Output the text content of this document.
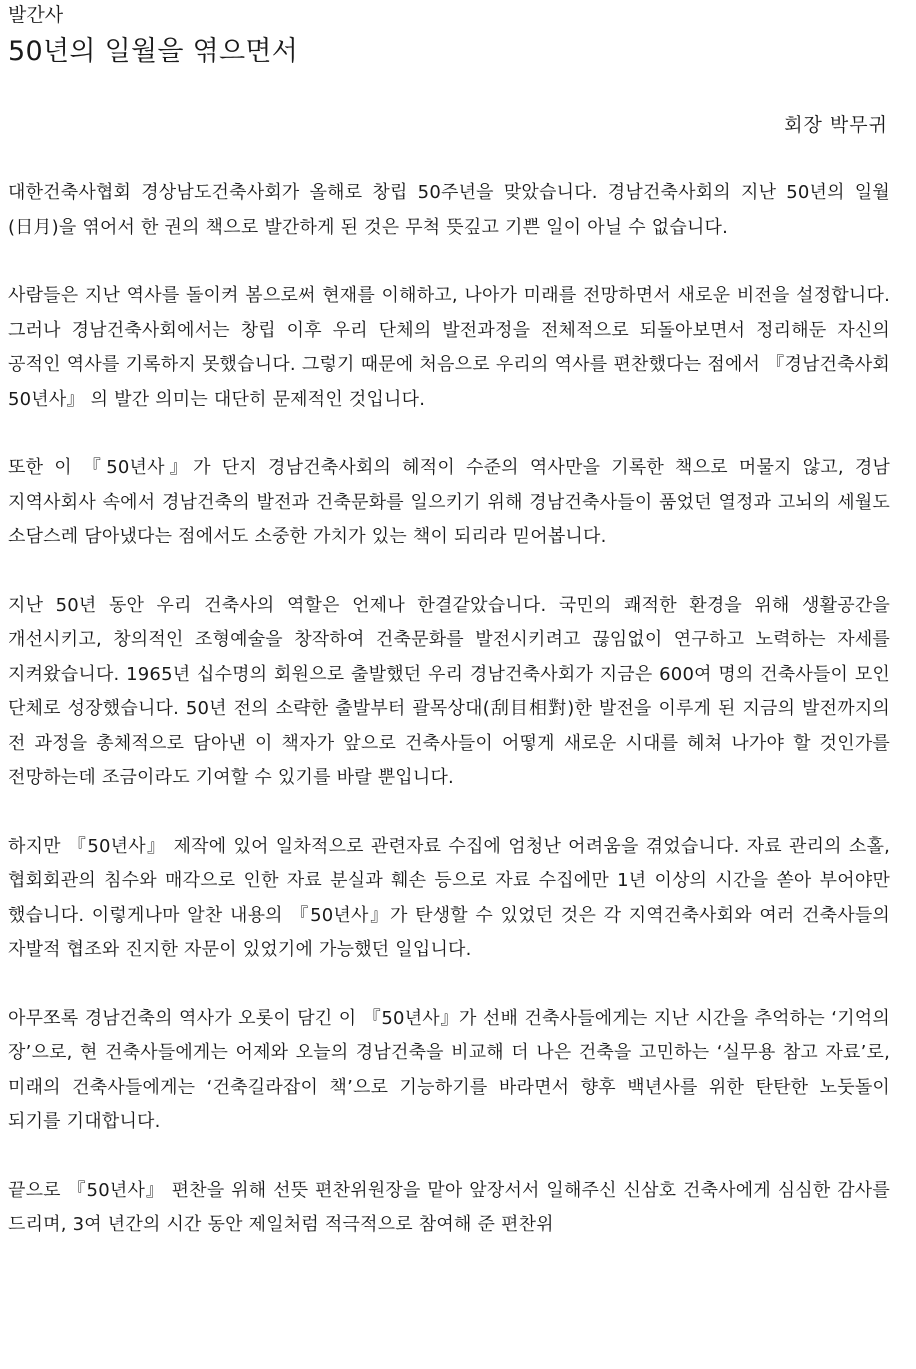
발간사
50년의 일월을 엮으면서
회장 박무귀

대한건축사협회 경상남도건축사회가 올해로 창립 50주년을 맞았습니다. 경남건축사회의 지난 50년의 일월(日月)을 엮어서 한 권의 책으로 발간하게 된 것은 무척 뜻깊고 기쁜 일이 아닐 수 없습니다.

사람들은 지난 역사를 돌이켜 봄으로써 현재를 이해하고, 나아가 미래를 전망하면서 새로운 비전을 설정합니다. 그러나 경남건축사회에서는 창립 이후 우리 단체의 발전과정을 전체적으로 되돌아보면서 정리해둔 자신의 공적인 역사를 기록하지 못했습니다. 그렇기 때문에 처음으로 우리의 역사를 편찬했다는 점에서 『경남건축사회 50년사』 의 발간 의미는 대단히 문제적인 것입니다.

또한 이 『50년사』가 단지 경남건축사회의 헤적이 수준의 역사만을 기록한 책으로 머물지 않고, 경남 지역사회사 속에서 경남건축의 발전과 건축문화를 일으키기 위해 경남건축사들이 품었던 열정과 고뇌의 세월도 소담스레 담아냈다는 점에서도 소중한 가치가 있는 책이 되리라 믿어봅니다.

지난 50년 동안 우리 건축사의 역할은 언제나 한결같았습니다. 국민의 쾌적한 환경을 위해 생활공간을 개선시키고, 창의적인 조형예술을 창작하여 건축문화를 발전시키려고 끊임없이 연구하고 노력하는 자세를 지켜왔습니다. 1965년 십수명의 회원으로 출발했던 우리 경남건축사회가 지금은 600여 명의 건축사들이 모인 단체로 성장했습니다. 50년 전의 소략한 출발부터 괄목상대(刮目相對)한 발전을 이루게 된 지금의 발전까지의 전 과정을 총체적으로 담아낸 이 책자가 앞으로 건축사들이 어떻게 새로운 시대를 헤쳐 나가야 할 것인가를 전망하는데 조금이라도 기여할 수 있기를 바랄 뿐입니다.

하지만 『50년사』 제작에 있어 일차적으로 관련자료 수집에 엄청난 어려움을 겪었습니다. 자료 관리의 소홀, 협회회관의 침수와 매각으로 인한 자료 분실과 훼손 등으로 자료 수집에만 1년 이상의 시간을 쏟아 부어야만 했습니다. 이렇게나마 알찬 내용의 『50년사』가 탄생할 수 있었던 것은 각 지역건축사회와 여러 건축사들의 자발적 협조와 진지한 자문이 있었기에 가능했던 일입니다.

아무쪼록 경남건축의 역사가 오롯이 담긴 이 『50년사』가 선배 건축사들에게는 지난 시간을 추억하는 ‘기억의 장’으로, 현 건축사들에게는 어제와 오늘의 경남건축을 비교해 더 나은 건축을 고민하는 ‘실무용 참고 자료’로, 미래의 건축사들에게는 ‘건축길라잡이 책’으로 기능하기를 바라면서 향후 백년사를 위한 탄탄한 노둣돌이 되기를 기대합니다.

끝으로 『50년사』 편찬을 위해 선뜻 편찬위원장을 맡아 앞장서서 일해주신 신삼호 건축사에게 심심한 감사를 드리며, 3여 년간의 시간 동안 제일처럼 적극적으로 참여해 준 편찬위
